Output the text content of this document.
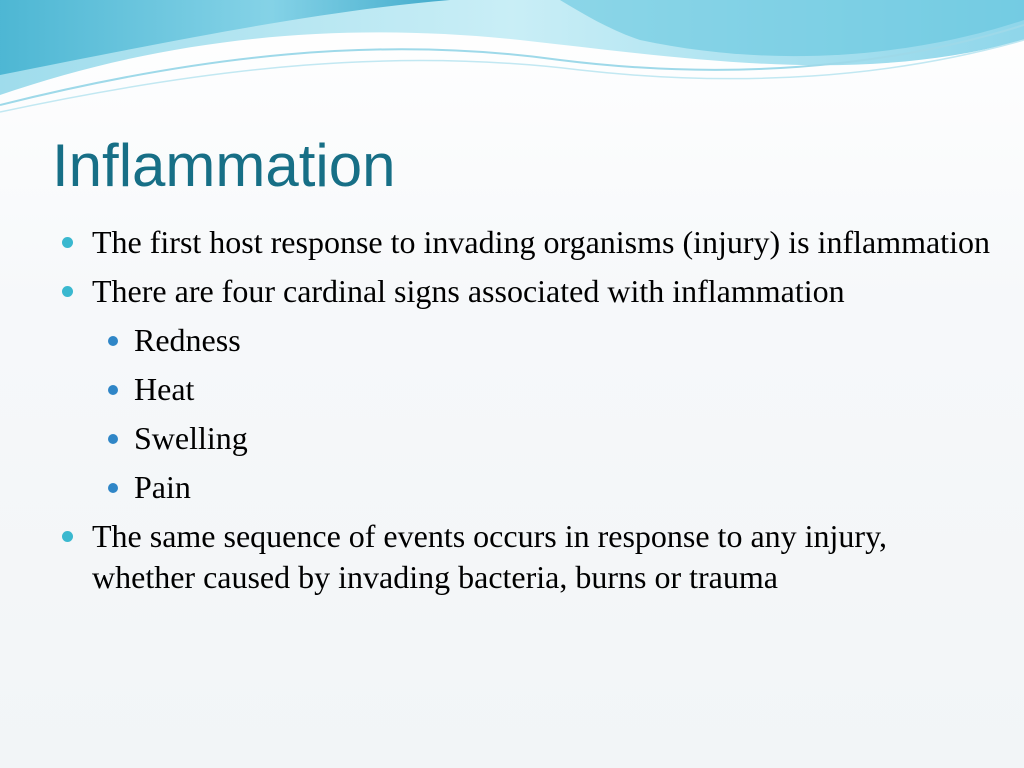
Inflammation
The first host response to invading organisms (injury) is inflammation
There are four cardinal signs associated with inflammation
Redness
Heat
Swelling
Pain
The same sequence of events occurs in response to any injury, whether caused by invading bacteria, burns or trauma
